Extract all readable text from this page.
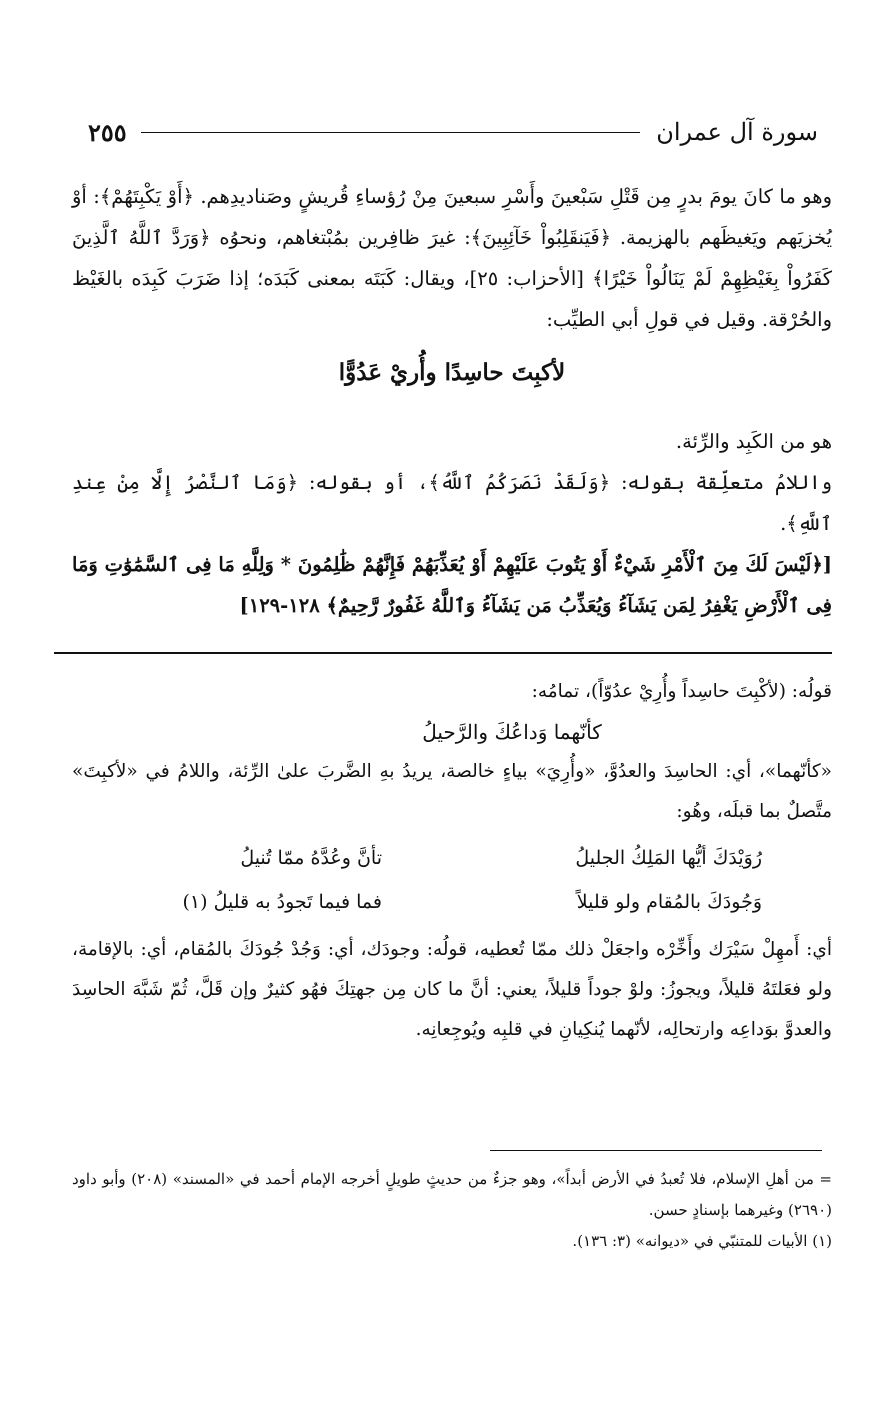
سورة آل عمران
٢٥٥

وهو ما كانَ يومَ بدرٍ مِن قَتْلِ سَبْعينَ وأَسْرِ سبعينَ مِنْ رُؤساءِ قُريشٍ وصَناديدِهم. ﴿أَوْ يَكْبِتَهُمْ﴾: أوْ يُخزيَهم ويَغيظَهم بالهزيمة. ﴿فَيَنقَلِبُواْ خَآئِبِينَ﴾: غيرَ ظافِرين بمُبْتغاهم، ونحوُه ﴿وَرَدَّ ٱللَّهُ ٱلَّذِينَ كَفَرُواْ بِغَيْظِهِمْ لَمْ يَنَالُواْ خَيْرًا﴾ [الأحزاب: ٢٥]، ويقال: كَبَتَه بمعنى كَبَدَه؛ إذا ضَرَبَ كَبِدَه بالغَيْظ والحُرْقة. وقيل في قولِ أبي الطيِّب:

لأكبِتَ حاسِدًا وأُريْ عَدُوًّا

هو من الكَبِد والرِّئة.

واللامُ متعلِّقة بقوله: ﴿وَلَقَدْ نَصَرَكُمُ ٱللَّهُ﴾، أو بقوله: ﴿وَمَا ٱلنَّصْرُ إِلَّا مِنْ عِندِ ٱللَّهِ﴾.

[﴿لَيْسَ لَكَ مِنَ ٱلْأَمْرِ شَيْءٌ أَوْ يَتُوبَ عَلَيْهِمْ أَوْ يُعَذِّبَهُمْ فَإِنَّهُمْ ظَٰلِمُونَ * وَلِلَّهِ مَا فِى ٱلسَّمَٰوَٰتِ وَمَا فِى ٱلْأَرْضِ يَغْفِرُ لِمَن يَشَآءُ وَيُعَذِّبُ مَن يَشَآءُ وَٱللَّهُ غَفُورٌ رَّحِيمٌ﴾ ١٢٨-١٢٩]

قولُه: (لأكْبِتَ حاسِداً وأُرِيْ عدُوّاً)، تمامُه:

كأنّهما وَداعُكَ والرَّحيلُ

«كأنّهما»، أي: الحاسِدَ والعدُوَّ، «وأُرِيَ» بياءٍ خالصة، يريدُ بهِ الضَّربَ علىٰ الرِّئة، واللامُ في «لأكبِتَ» متَّصلٌ بما قبلَه، وهُو:

رُوَيْدَكَ أيُّها المَلِكُ الجليلُ
تأنَّ وعُدَّهُ ممّا تُنيلُ
وَجُودَكَ بالمُقام ولو قليلاً
فما فيما تَجودُ به قليلُ (١)

أي: أَمهِلْ سَيْرَك وأَخِّرْه واجعَلْ ذلك ممّا تُعطيه، قولُه: وجودَك، أي: وَجُدْ جُودَكَ بالمُقام، أي: بالإقامة، ولو فعَلتَهُ قليلاً، ويجوزُ: ولوْ جوداً قليلاً، يعني: أنَّ ما كان مِن جهتِكَ فهُو كثيرٌ وإن قَلَّ، ثُمّ شَبَّهَ الحاسِدَ والعدوَّ بوَداعِه وارتحالِه، لأنّهما يُنكِيانِ في قلبِه ويُوجِعانِه.

= من أهلِ الإسلام، فلا تُعبدُ في الأرض أبداً»، وهو جزءٌ من حديثٍ طويلٍ أخرجه الإمام أحمد في «المسند» (٢٠٨) وأبو داود (٢٦٩٠) وغيرهما بإسنادٍ حسن.

(١) الأبيات للمتنبّي في «ديوانه» (٣: ١٣٦).
